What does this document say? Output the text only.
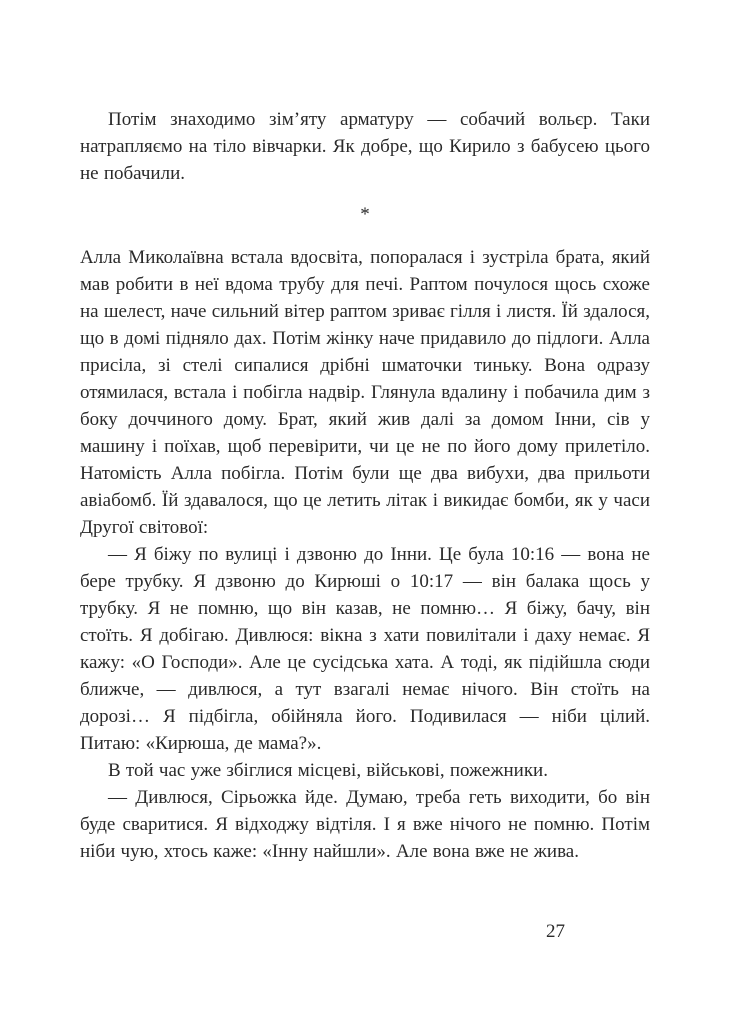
Потім знаходимо зім’яту арматуру — собачий вольєр. Таки натрапляємо на тіло вівчарки. Як добре, що Кирило з бабусею цього не побачили.

*

Алла Миколаївна встала вдосвіта, попоралася і зустріла брата, який мав робити в неї вдома трубу для печі. Раптом почулося щось схоже на шелест, наче сильний вітер раптом зриває гілля і листя. Їй здалося, що в домі підняло дах. Потім жінку наче придавило до підлоги. Алла присіла, зі стелі сипалися дрібні шматочки тиньку. Вона одразу отямилася, встала і побігла надвір. Глянула вдалину і побачила дим з боку доччиного дому. Брат, який жив далі за домом Інни, сів у машину і поїхав, щоб перевірити, чи це не по його дому прилетіло. Натомість Алла побігла. Потім були ще два вибухи, два прильоти авіабомб. Їй здавалося, що це летить літак і викидає бомби, як у часи Другої світової:

— Я біжу по вулиці і дзвоню до Інни. Це була 10:16 — вона не бере трубку. Я дзвоню до Кирюші о 10:17 — він балака щось у трубку. Я не помню, що він казав, не помню… Я біжу, бачу, він стоїть. Я добігаю. Дивлюся: вікна з хати повилітали і даху немає. Я кажу: «О Господи». Але це сусідська хата. А тоді, як підійшла сюди ближче, — дивлюся, а тут взагалі немає нічого. Він стоїть на дорозі… Я підбігла, обійняла його. Подивилася — ніби цілий. Питаю: «Кирюша, де мама?».

В той час уже збіглися місцеві, військові, пожежники.

— Дивлюся, Сірьожка йде. Думаю, треба геть виходити, бо він буде сваритися. Я відходжу відтіля. І я вже нічого не помню. Потім ніби чую, хтось каже: «Інну найшли». Але вона вже не жива.

27
